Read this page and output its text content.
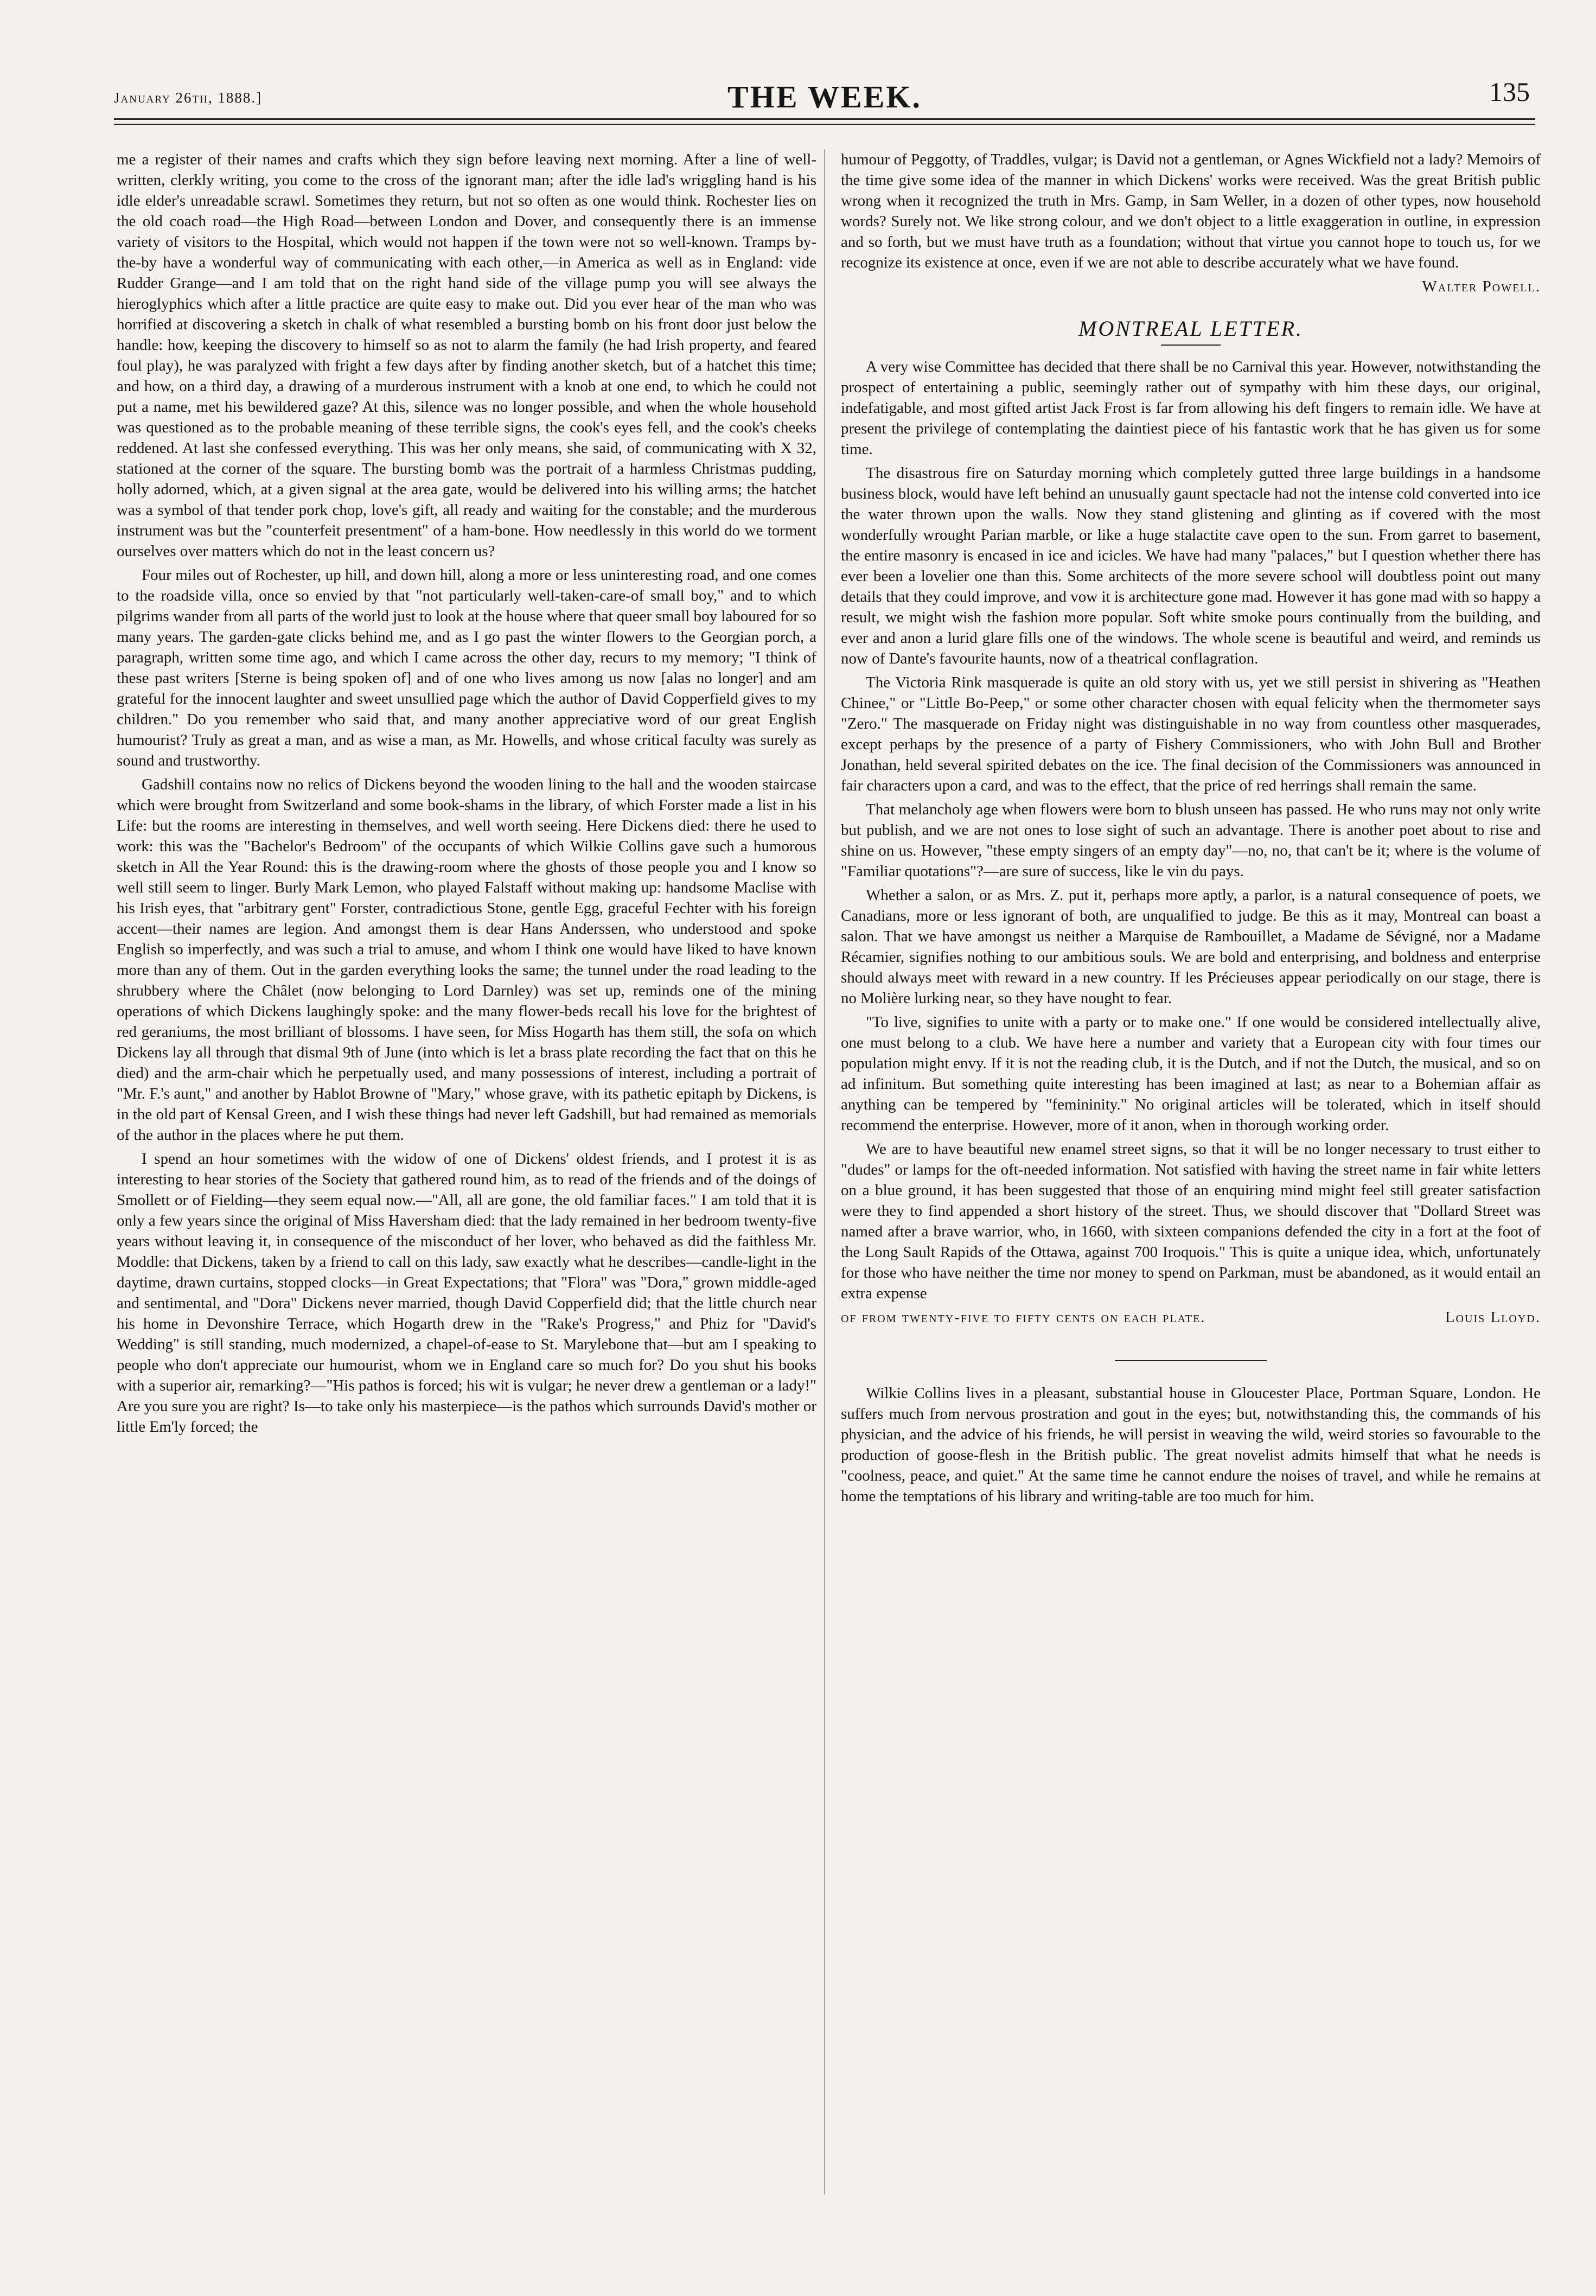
January 26th, 1888.]	THE WEEK.	135

me a register of their names and crafts which they sign before leaving next morning. After a line of well-written, clerkly writing, you come to the cross of the ignorant man; after the idle lad's wriggling hand is his idle elder's unreadable scrawl. Sometimes they return, but not so often as one would think. Rochester lies on the old coach road—the High Road—between London and Dover, and consequently there is an immense variety of visitors to the Hospital, which would not happen if the town were not so well-known. Tramps by-the-by have a wonderful way of communicating with each other,—in America as well as in England: vide Rudder Grange—and I am told that on the right hand side of the village pump you will see always the hieroglyphics which after a little practice are quite easy to make out. Did you ever hear of the man who was horrified at discovering a sketch in chalk of what resembled a bursting bomb on his front door just below the handle: how, keeping the discovery to himself so as not to alarm the family (he had Irish property, and feared foul play), he was paralyzed with fright a few days after by finding another sketch, but of a hatchet this time; and how, on a third day, a drawing of a murderous instrument with a knob at one end, to which he could not put a name, met his bewildered gaze? At this, silence was no longer possible, and when the whole household was questioned as to the probable meaning of these terrible signs, the cook's eyes fell, and the cook's cheeks reddened. At last she confessed everything. This was her only means, she said, of communicating with X 32, stationed at the corner of the square. The bursting bomb was the portrait of a harmless Christmas pudding, holly adorned, which, at a given signal at the area gate, would be delivered into his willing arms; the hatchet was a symbol of that tender pork chop, love's gift, all ready and waiting for the constable; and the murderous instrument was but the "counterfeit presentment" of a ham-bone. How needlessly in this world do we torment ourselves over matters which do not in the least concern us?

Four miles out of Rochester, up hill, and down hill, along a more or less uninteresting road, and one comes to the roadside villa, once so envied by that "not particularly well-taken-care-of small boy," and to which pilgrims wander from all parts of the world just to look at the house where that queer small boy laboured for so many years. The garden-gate clicks behind me, and as I go past the winter flowers to the Georgian porch, a paragraph, written some time ago, and which I came across the other day, recurs to my memory; "I think of these past writers [Sterne is being spoken of] and of one who lives among us now [alas no longer] and am grateful for the innocent laughter and sweet unsullied page which the author of David Copperfield gives to my children." Do you remember who said that, and many another appreciative word of our great English humourist? Truly as great a man, and as wise a man, as Mr. Howells, and whose critical faculty was surely as sound and trustworthy.

Gadshill contains now no relics of Dickens beyond the wooden lining to the hall and the wooden staircase which were brought from Switzerland and some book-shams in the library, of which Forster made a list in his Life: but the rooms are interesting in themselves, and well worth seeing. Here Dickens died: there he used to work: this was the "Bachelor's Bedroom" of the occupants of which Wilkie Collins gave such a humorous sketch in All the Year Round: this is the drawing-room where the ghosts of those people you and I know so well still seem to linger. Burly Mark Lemon, who played Falstaff without making up: handsome Maclise with his Irish eyes, that "arbitrary gent" Forster, contradictious Stone, gentle Egg, graceful Fechter with his foreign accent—their names are legion. And amongst them is dear Hans Anderssen, who understood and spoke English so imperfectly, and was such a trial to amuse, and whom I think one would have liked to have known more than any of them. Out in the garden everything looks the same; the tunnel under the road leading to the shrubbery where the Châlet (now belonging to Lord Darnley) was set up, reminds one of the mining operations of which Dickens laughingly spoke: and the many flower-beds recall his love for the brightest of red geraniums, the most brilliant of blossoms. I have seen, for Miss Hogarth has them still, the sofa on which Dickens lay all through that dismal 9th of June (into which is let a brass plate recording the fact that on this he died) and the arm-chair which he perpetually used, and many possessions of interest, including a portrait of "Mr. F.'s aunt," and another by Hablot Browne of "Mary," whose grave, with its pathetic epitaph by Dickens, is in the old part of Kensal Green, and I wish these things had never left Gadshill, but had remained as memorials of the author in the places where he put them.

I spend an hour sometimes with the widow of one of Dickens' oldest friends, and I protest it is as interesting to hear stories of the Society that gathered round him, as to read of the friends and of the doings of Smollett or of Fielding—they seem equal now.—"All, all are gone, the old familiar faces." I am told that it is only a few years since the original of Miss Haversham died: that the lady remained in her bedroom twenty-five years without leaving it, in consequence of the misconduct of her lover, who behaved as did the faithless Mr. Moddle: that Dickens, taken by a friend to call on this lady, saw exactly what he describes—candle-light in the daytime, drawn curtains, stopped clocks—in Great Expectations; that "Flora" was "Dora," grown middle-aged and sentimental, and "Dora" Dickens never married, though David Copperfield did; that the little church near his home in Devonshire Terrace, which Hogarth drew in the "Rake's Progress," and Phiz for "David's Wedding" is still standing, much modernized, a chapel-of-ease to St. Marylebone that—but am I speaking to people who don't appreciate our humourist, whom we in England care so much for? Do you shut his books with a superior air, remarking?—"His pathos is forced; his wit is vulgar; he never drew a gentleman or a lady!" Are you sure you are right? Is—to take only his masterpiece—is the pathos which surrounds David's mother or little Em'ly forced; the

humour of Peggotty, of Traddles, vulgar; is David not a gentleman, or Agnes Wickfield not a lady? Memoirs of the time give some idea of the manner in which Dickens' works were received. Was the great British public wrong when it recognized the truth in Mrs. Gamp, in Sam Weller, in a dozen of other types, now household words? Surely not. We like strong colour, and we don't object to a little exaggeration in outline, in expression and so forth, but we must have truth as a foundation; without that virtue you cannot hope to touch us, for we recognize its existence at once, even if we are not able to describe accurately what we have found.

Walter Powell.
MONTREAL LETTER.

A very wise Committee has decided that there shall be no Carnival this year. However, notwithstanding the prospect of entertaining a public, seemingly rather out of sympathy with him these days, our original, indefatigable, and most gifted artist Jack Frost is far from allowing his deft fingers to remain idle. We have at present the privilege of contemplating the daintiest piece of his fantastic work that he has given us for some time.

The disastrous fire on Saturday morning which completely gutted three large buildings in a handsome business block, would have left behind an unusually gaunt spectacle had not the intense cold converted into ice the water thrown upon the walls. Now they stand glistening and glinting as if covered with the most wonderfully wrought Parian marble, or like a huge stalactite cave open to the sun. From garret to basement, the entire masonry is encased in ice and icicles. We have had many "palaces," but I question whether there has ever been a lovelier one than this. Some architects of the more severe school will doubtless point out many details that they could improve, and vow it is architecture gone mad. However it has gone mad with so happy a result, we might wish the fashion more popular. Soft white smoke pours continually from the building, and ever and anon a lurid glare fills one of the windows. The whole scene is beautiful and weird, and reminds us now of Dante's favourite haunts, now of a theatrical conflagration.

The Victoria Rink masquerade is quite an old story with us, yet we still persist in shivering as "Heathen Chinee," or "Little Bo-Peep," or some other character chosen with equal felicity when the thermometer says "Zero." The masquerade on Friday night was distinguishable in no way from countless other masquerades, except perhaps by the presence of a party of Fishery Commissioners, who with John Bull and Brother Jonathan, held several spirited debates on the ice. The final decision of the Commissioners was announced in fair characters upon a card, and was to the effect, that the price of red herrings shall remain the same.

That melancholy age when flowers were born to blush unseen has passed. He who runs may not only write but publish, and we are not ones to lose sight of such an advantage. There is another poet about to rise and shine on us. However, "these empty singers of an empty day"—no, no, that can't be it; where is the volume of "Familiar quotations"?—are sure of success, like le vin du pays.

Whether a salon, or as Mrs. Z. put it, perhaps more aptly, a parlor, is a natural consequence of poets, we Canadians, more or less ignorant of both, are unqualified to judge. Be this as it may, Montreal can boast a salon. That we have amongst us neither a Marquise de Rambouillet, a Madame de Sévigné, nor a Madame Récamier, signifies nothing to our ambitious souls. We are bold and enterprising, and boldness and enterprise should always meet with reward in a new country. If les Précieuses appear periodically on our stage, there is no Molière lurking near, so they have nought to fear.

"To live, signifies to unite with a party or to make one." If one would be considered intellectually alive, one must belong to a club. We have here a number and variety that a European city with four times our population might envy. If it is not the reading club, it is the Dutch, and if not the Dutch, the musical, and so on ad infinitum. But something quite interesting has been imagined at last; as near to a Bohemian affair as anything can be tempered by "femininity." No original articles will be tolerated, which in itself should recommend the enterprise. However, more of it anon, when in thorough working order.

We are to have beautiful new enamel street signs, so that it will be no longer necessary to trust either to "dudes" or lamps for the oft-needed information. Not satisfied with having the street name in fair white letters on a blue ground, it has been suggested that those of an enquiring mind might feel still greater satisfaction were they to find appended a short history of the street. Thus, we should discover that "Dollard Street was named after a brave warrior, who, in 1660, with sixteen companions defended the city in a fort at the foot of the Long Sault Rapids of the Ottawa, against 700 Iroquois." This is quite a unique idea, which, unfortunately for those who have neither the time nor money to spend on Parkman, must be abandoned, as it would entail an extra expense

of from twenty-five to fifty cents on each plate.	Louis Lloyd.

Wilkie Collins lives in a pleasant, substantial house in Gloucester Place, Portman Square, London. He suffers much from nervous prostration and gout in the eyes; but, notwithstanding this, the commands of his physician, and the advice of his friends, he will persist in weaving the wild, weird stories so favourable to the production of goose-flesh in the British public. The great novelist admits himself that what he needs is "coolness, peace, and quiet." At the same time he cannot endure the noises of travel, and while he remains at home the temptations of his library and writing-table are too much for him.
